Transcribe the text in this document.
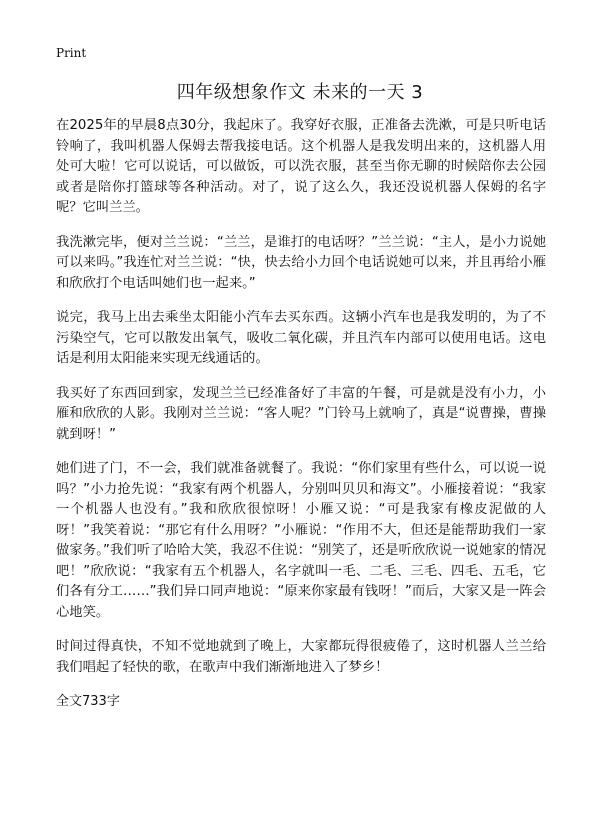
Print
四年级想象作文 未来的一天 3

在2025年的早晨8点30分，我起床了。我穿好衣服，正准备去洗漱，可是只听电话铃响了，我叫机器人保姆去帮我接电话。这个机器人是我发明出来的，这机器人用处可大啦！它可以说话，可以做饭，可以洗衣服，甚至当你无聊的时候陪你去公园或者是陪你打篮球等各种活动。对了，说了这么久，我还没说机器人保姆的名字呢？它叫兰兰。

我洗漱完毕，便对兰兰说：“兰兰，是谁打的电话呀？”兰兰说：“主人，是小力说她可以来吗。”我连忙对兰兰说：“快，快去给小力回个电话说她可以来，并且再给小雁和欣欣打个电话叫她们也一起来。”

说完，我马上出去乘坐太阳能小汽车去买东西。这辆小汽车也是我发明的，为了不污染空气，它可以散发出氧气，吸收二氧化碳，并且汽车内部可以使用电话。这电话是利用太阳能来实现无线通话的。

我买好了东西回到家，发现兰兰已经准备好了丰富的午餐，可是就是没有小力，小雁和欣欣的人影。我刚对兰兰说：“客人呢？”门铃马上就响了，真是“说曹操，曹操就到呀！”

她们进了门，不一会，我们就准备就餐了。我说：“你们家里有些什么，可以说一说吗？”小力抢先说：“我家有两个机器人，分别叫贝贝和海文”。小雁接着说：“我家一个机器人也没有。”我和欣欣很惊呀！小雁又说：“可是我家有橡皮泥做的人呀！”我笑着说：“那它有什么用呀？”小雁说：“作用不大，但还是能帮助我们一家做家务。”我们听了哈哈大笑，我忍不住说：“别笑了，还是听欣欣说一说她家的情况吧！”欣欣说：“我家有五个机器人，名字就叫一毛、二毛、三毛、四毛、五毛，它们各有分工……”我们异口同声地说：“原来你家最有钱呀！”而后，大家又是一阵会心地笑。

时间过得真快，不知不觉地就到了晚上，大家都玩得很疲倦了，这时机器人兰兰给我们唱起了轻快的歌，在歌声中我们渐渐地进入了梦乡！

全文733字
